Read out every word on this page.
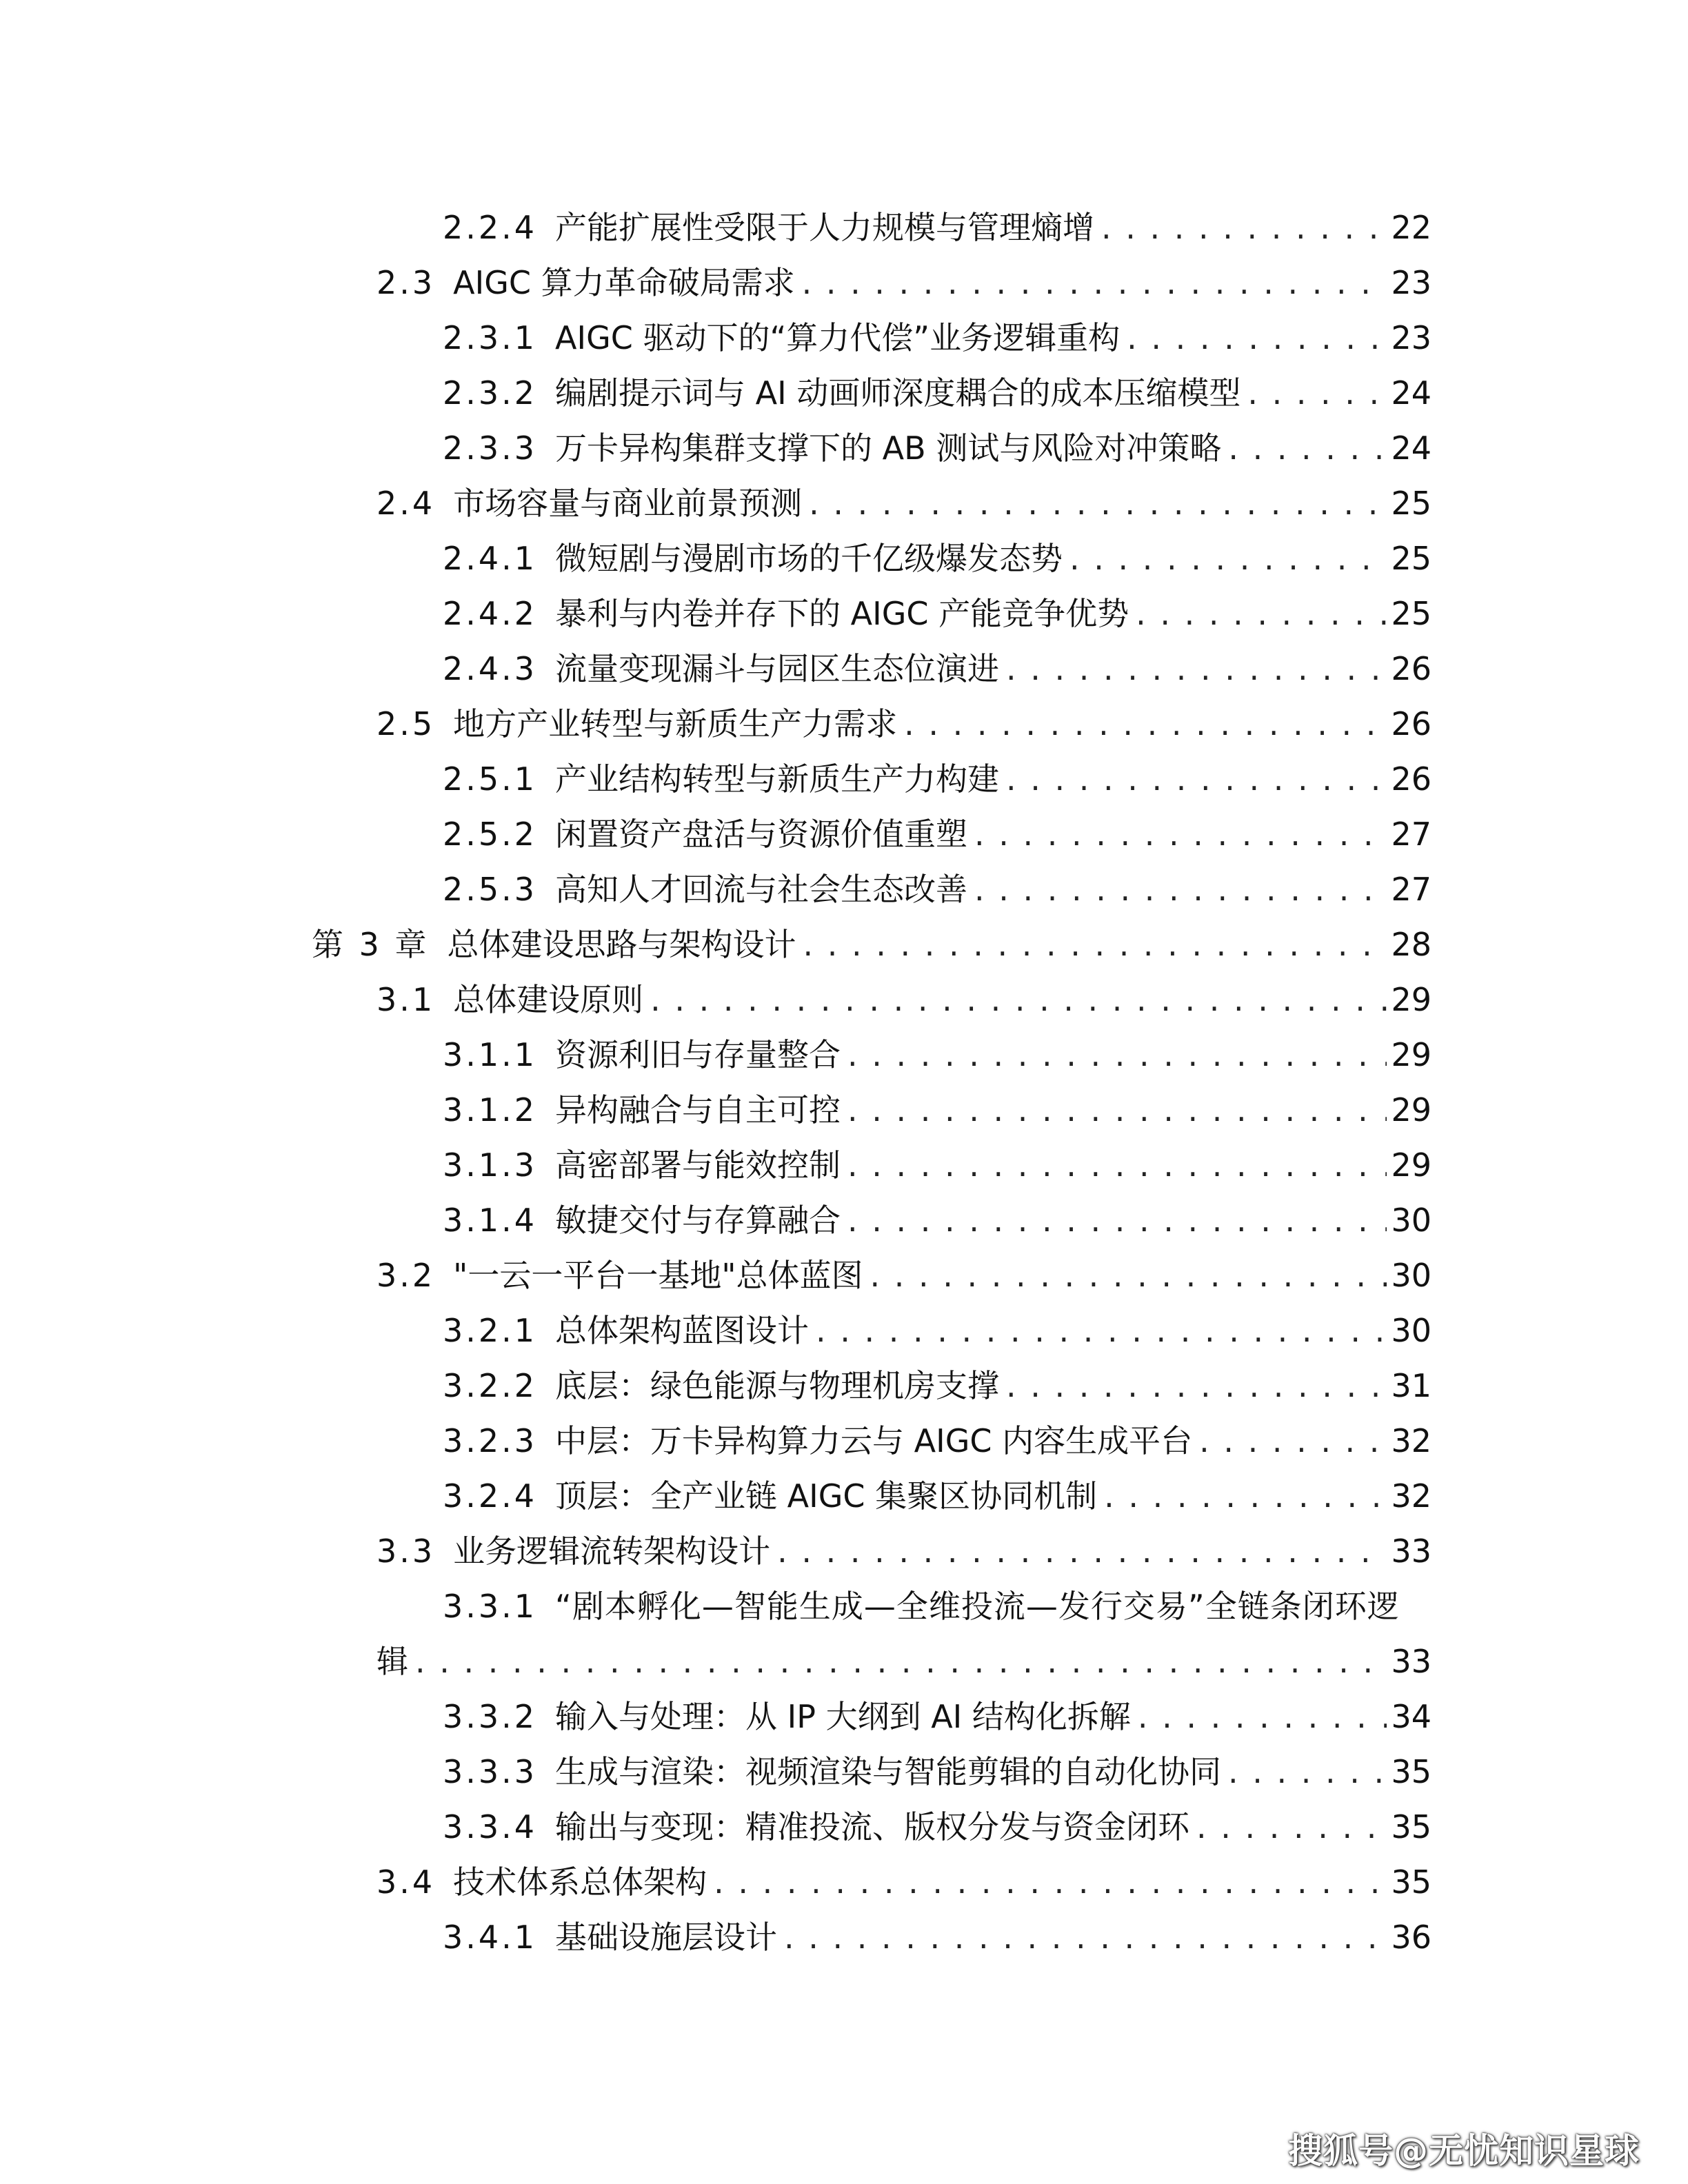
2.2.4 产能扩展性受限于人力规模与管理熵增 . . .	22
2.3 AIGC 算力革命破局需求 . . .	23
2.3.1 AIGC 驱动下的“算力代偿”业务逻辑重构 . . .	23
2.3.2 编剧提示词与 AI 动画师深度耦合的成本压缩模型 . . .	24
2.3.3 万卡异构集群支撑下的 AB 测试与风险对冲策略 . . .	24
2.4 市场容量与商业前景预测 . . .	25
2.4.1 微短剧与漫剧市场的千亿级爆发态势 . . .	25
2.4.2 暴利与内卷并存下的 AIGC 产能竞争优势 . . .	25
2.4.3 流量变现漏斗与园区生态位演进 . . .	26
2.5 地方产业转型与新质生产力需求 . . .	26
2.5.1 产业结构转型与新质生产力构建 . . .	26
2.5.2 闲置资产盘活与资源价值重塑 . . .	27
2.5.3 高知人才回流与社会生态改善 . . .	27
第 3 章 总体建设思路与架构设计 . . .	28
3.1 总体建设原则 . . .	29
3.1.1 资源利旧与存量整合 . . .	29
3.1.2 异构融合与自主可控 . . .	29
3.1.3 高密部署与能效控制 . . .	29
3.1.4 敏捷交付与存算融合 . . .	30
3.2 "一云一平台一基地"总体蓝图 . . .	30
3.2.1 总体架构蓝图设计 . . .	30
3.2.2 底层：绿色能源与物理机房支撑 . . .	31
3.2.3 中层：万卡异构算力云与 AIGC 内容生成平台 . . .	32
3.2.4 顶层：全产业链 AIGC 集聚区协同机制 . . .	32
3.3 业务逻辑流转架构设计 . . .	33
3.3.1 “剧本孵化—智能生成—全维投流—发行交易”全链条闭环逻
辑 . . .	33
3.3.2 输入与处理：从 IP 大纲到 AI 结构化拆解 . . .	34
3.3.3 生成与渲染：视频渲染与智能剪辑的自动化协同 . . .	35
3.3.4 输出与变现：精准投流、版权分发与资金闭环 . . .	35
3.4 技术体系总体架构 . . .	35
3.4.1 基础设施层设计 . . .	36
搜狐号@无忧知识星球
